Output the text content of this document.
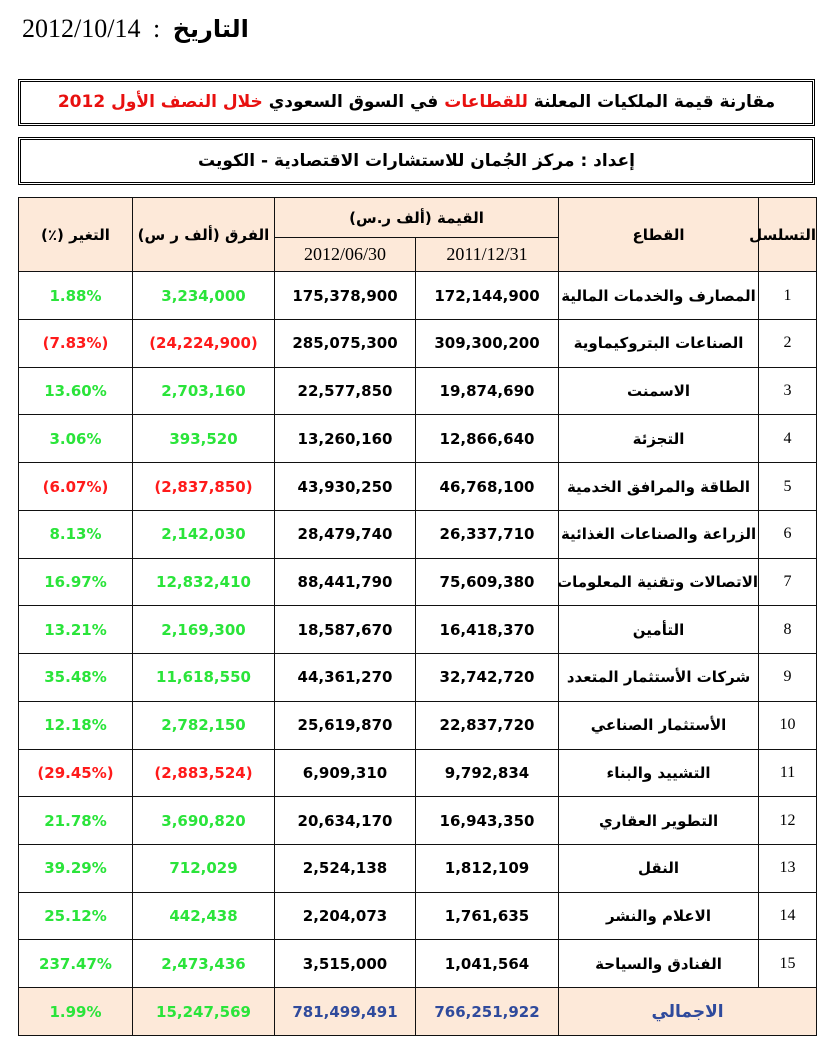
2012/10/14 : التاريخ
مقارنة قيمة الملكيات المعلنة للقطاعات في السوق السعودي خلال النصف الأول 2012
إعداد : مركز الجُمان للاستشارات الاقتصادية - الكويت
التغير (٪)	الفرق (ألف ر س)	القيمة (ألف ر.س)		القطاع	التسلسل
		2012/06/30	2011/12/31		
1.88%	3,234,000	175,378,900	172,144,900	المصارف والخدمات المالية	1
(7.83%)	(24,224,900)	285,075,300	309,300,200	الصناعات البتروكيماوية	2
13.60%	2,703,160	22,577,850	19,874,690	الاسمنت	3
3.06%	393,520	13,260,160	12,866,640	التجزئة	4
(6.07%)	(2,837,850)	43,930,250	46,768,100	الطاقة والمرافق الخدمية	5
8.13%	2,142,030	28,479,740	26,337,710	الزراعة والصناعات الغذائية	6
16.97%	12,832,410	88,441,790	75,609,380	الاتصالات وتقنية المعلومات	7
13.21%	2,169,300	18,587,670	16,418,370	التأمين	8
35.48%	11,618,550	44,361,270	32,742,720	شركات الأستثمار المتعدد	9
12.18%	2,782,150	25,619,870	22,837,720	الأستثمار الصناعي	10
(29.45%)	(2,883,524)	6,909,310	9,792,834	التشييد والبناء	11
21.78%	3,690,820	20,634,170	16,943,350	التطوير العقاري	12
39.29%	712,029	2,524,138	1,812,109	النقل	13
25.12%	442,438	2,204,073	1,761,635	الاعلام والنشر	14
237.47%	2,473,436	3,515,000	1,041,564	الفنادق والسياحة	15
1.99%	15,247,569	781,499,491	766,251,922	الاجمالي	
